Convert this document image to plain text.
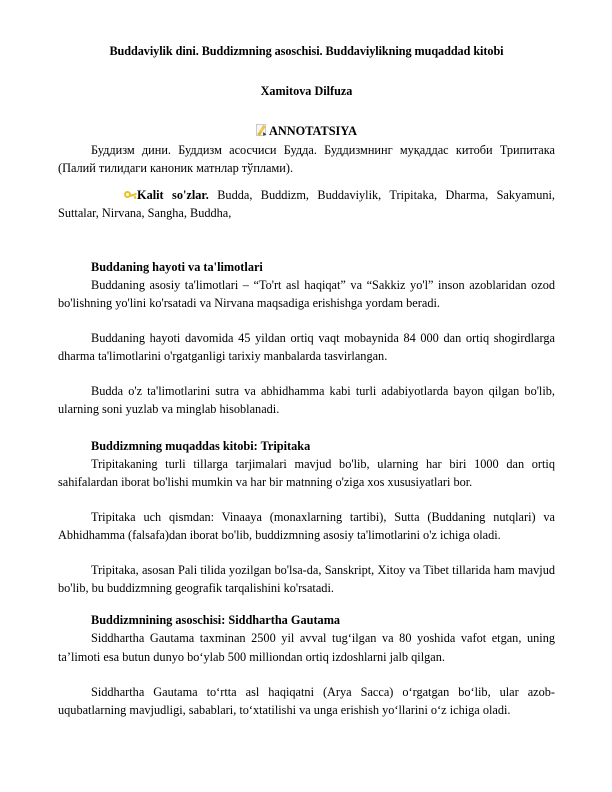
Buddaviylik dini. Buddizmning asoschisi. Buddaviylikning muqaddad kitobi
Xamitova Dilfuza
ANNOTATSIYA

Буддизм дини. Буддизм асосчиси Будда. Буддизмнинг муқаддас китоби Трипитака (Палий тилидаги каноник матнлар тўплами).

Kalit so'zlar. Budda, Buddizm, Buddaviylik, Tripitaka, Dharma, Sakyamuni, Suttalar, Nirvana, Sangha, Buddha,

Buddaning hayoti va ta'limotlari

Buddaning asosiy ta'limotlari – “To'rt asl haqiqat” va “Sakkiz yo'l” inson azoblaridan ozod bo'lishning yo'lini ko'rsatadi va Nirvana maqsadiga erishishga yordam beradi.

Buddaning hayoti davomida 45 yildan ortiq vaqt mobaynida 84 000 dan ortiq shogirdlarga dharma ta'limotlarini o'rgatganligi tarixiy manbalarda tasvirlangan.

Budda o'z ta'limotlarini sutra va abhidhamma kabi turli adabiyotlarda bayon qilgan bo'lib, ularning soni yuzlab va minglab hisoblanadi.

Buddizmning muqaddas kitobi: Tripitaka

Tripitakaning turli tillarga tarjimalari mavjud bo'lib, ularning har biri 1000 dan ortiq sahifalardan iborat bo'lishi mumkin va har bir matnning o'ziga xos xususiyatlari bor.

Tripitaka uch qismdan: Vinaaya (monaxlarning tartibi), Sutta (Buddaning nutqlari) va Abhidhamma (falsafa)dan iborat bo'lib, buddizmning asosiy ta'limotlarini o'z ichiga oladi.

Tripitaka, asosan Pali tilida yozilgan bo'lsa-da, Sanskript, Xitoy va Tibet tillarida ham mavjud bo'lib, bu buddizmning geografik tarqalishini ko'rsatadi.

Buddizmnining asoschisi: Siddhartha Gautama

Siddhartha Gautama taxminan 2500 yil avval tug‘ilgan va 80 yoshida vafot etgan, uning ta’limoti esa butun dunyo bo‘ylab 500 milliondan ortiq izdoshlarni jalb qilgan.

Siddhartha Gautama to‘rtta asl haqiqatni (Arya Sacca) o‘rgatgan bo‘lib, ular azob-uqubatlarning mavjudligi, sabablari, to‘xtatilishi va unga erishish yo‘llarini o‘z ichiga oladi.
